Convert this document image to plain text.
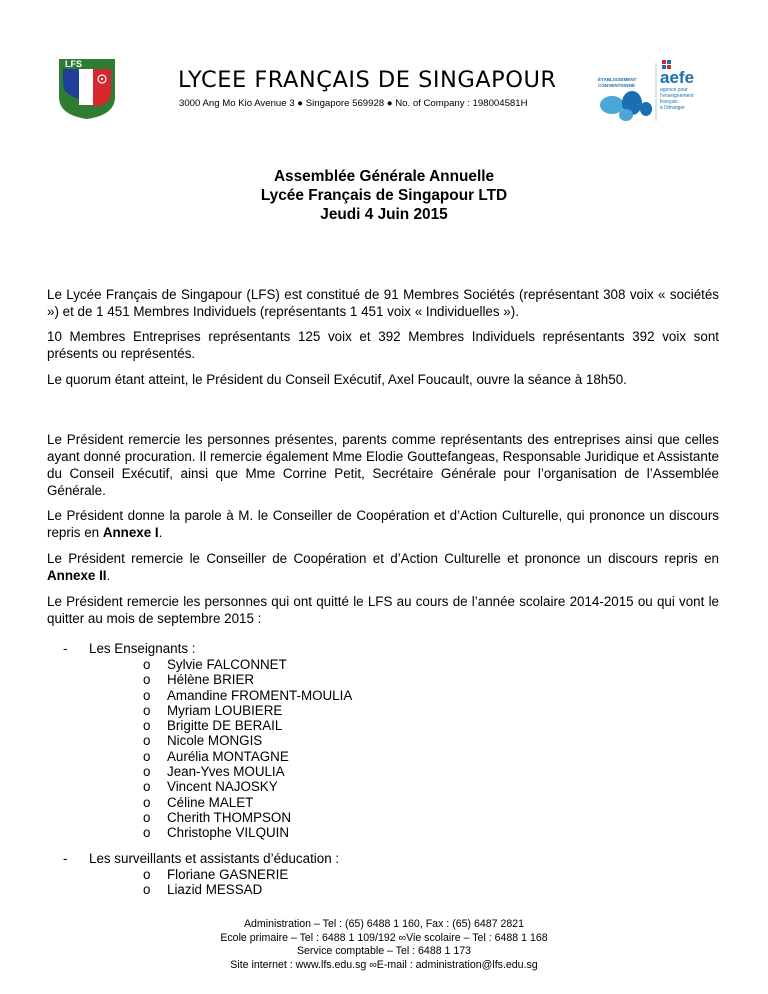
LFS
LYCEE FRANÇAIS DE SINGAPOUR
3000 Ang Mo Kio Avenue 3 ● Singapore 569928 ● No. of Company : 198004581H
ÉTABLISSEMENT
CONVENTIONNÉ aefe
agence pour
l'enseignement
français
à l'étranger
Assemblée Générale Annuelle
Lycée Français de Singapour LTD
Jeudi 4 Juin 2015
Le Lycée Français de Singapour (LFS) est constitué de 91 Membres Sociétés (représentant 308 voix « sociétés ») et de 1 451 Membres Individuels (représentants 1 451 voix « Individuelles »).
10 Membres Entreprises représentants 125 voix et 392 Membres Individuels représentants 392 voix sont présents ou représentés.
Le quorum étant atteint, le Président du Conseil Exécutif, Axel Foucault, ouvre la séance à 18h50.
Le Président remercie les personnes présentes, parents comme représentants des entreprises ainsi que celles ayant donné procuration. Il remercie également Mme Elodie Gouttefangeas, Responsable Juridique et Assistante du Conseil Exécutif, ainsi que Mme Corrine Petit, Secrétaire Générale pour l’organisation de l’Assemblée Générale.
Le Président donne la parole à M. le Conseiller de Coopération et d’Action Culturelle, qui prononce un discours repris en Annexe I.
Le Président remercie le Conseiller de Coopération et d’Action Culturelle et prononce un discours repris en Annexe II.
Le Président remercie les personnes qui ont quitté le LFS au cours de l’année scolaire 2014-2015 ou qui vont le quitter au mois de septembre 2015 :
- Les Enseignants :
o Sylvie FALCONNET
o Hélène BRIER
o Amandine FROMENT-MOULIA
o Myriam LOUBIERE
o Brigitte DE BERAIL
o Nicole MONGIS
o Aurélia MONTAGNE
o Jean-Yves MOULIA
o Vincent NAJOSKY
o Céline MALET
o Cherith THOMPSON
o Christophe VILQUIN
- Les surveillants et assistants d’éducation :
o Floriane GASNERIE
o Liazid MESSAD
Administration – Tel : (65) 6488 1 160, Fax : (65) 6487 2821
Ecole primaire – Tel : 6488 1 109/192 ∞Vie scolaire – Tel : 6488 1 168
Service comptable – Tel : 6488 1 173
Site internet : www.lfs.edu.sg ∞E-mail : administration@lfs.edu.sg
